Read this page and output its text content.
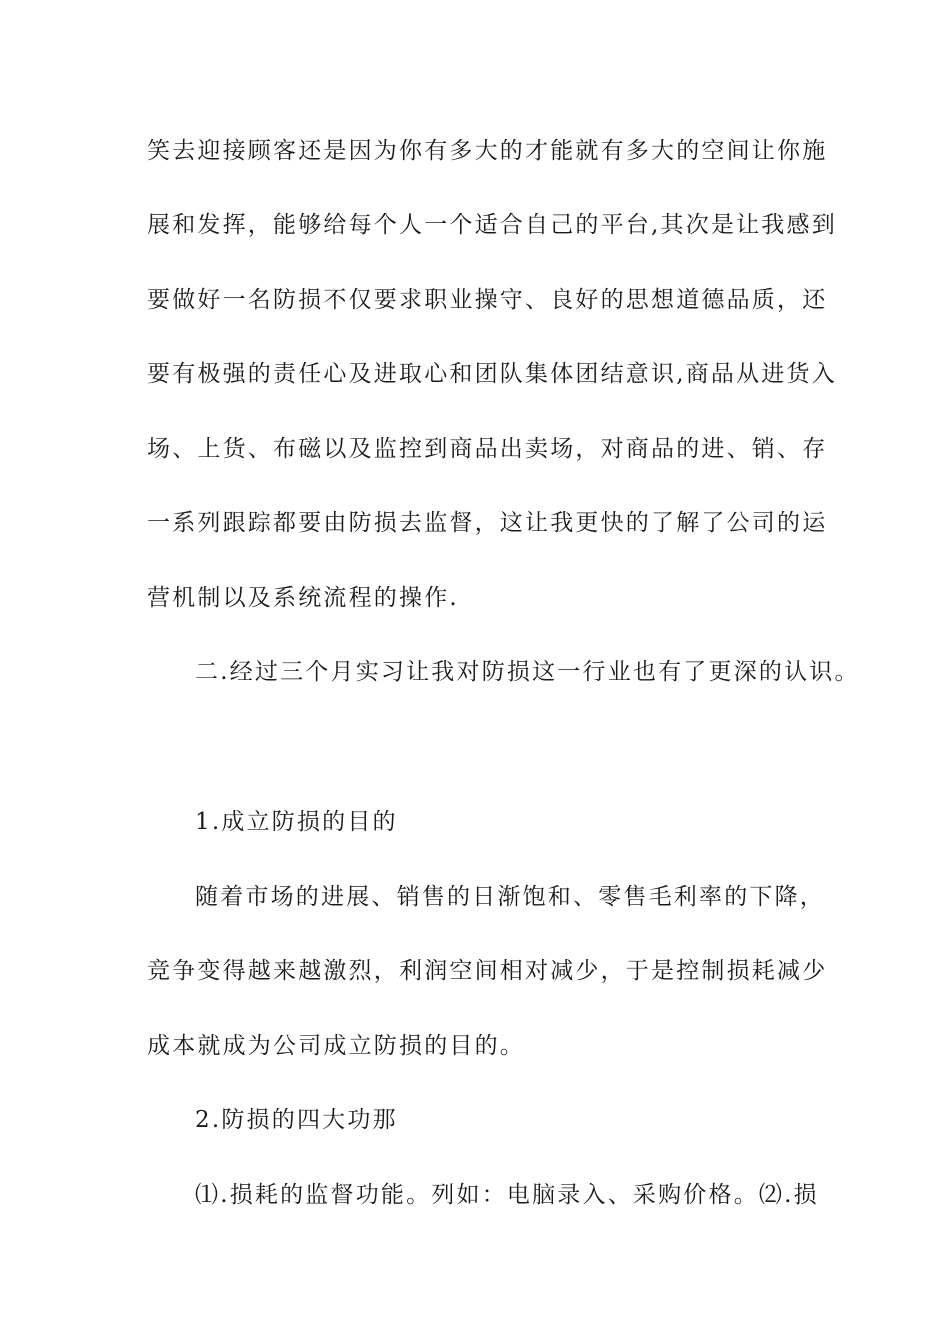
笑去迎接顾客还是因为你有多大的才能就有多大的空间让你施
展和发挥，能够给每个人一个适合自己的平台,其次是让我感到
要做好一名防损不仅要求职业操守、良好的思想道德品质，还
要有极强的责任心及进取心和团队集体团结意识,商品从进货入
场、上货、布磁以及监控到商品出卖场，对商品的进、销、存
一系列跟踪都要由防损去监督，这让我更快的了解了公司的运
营机制以及系统流程的操作.
二.经过三个月实习让我对防损这一行业也有了更深的认识。
1.成立防损的目的
随着市场的进展、销售的日渐饱和、零售毛利率的下降，
竞争变得越来越激烈，利润空间相对减少，于是控制损耗减少
成本就成为公司成立防损的目的。
2.防损的四大功那
⑴.损耗的监督功能。列如：电脑录入、采购价格。⑵.损
